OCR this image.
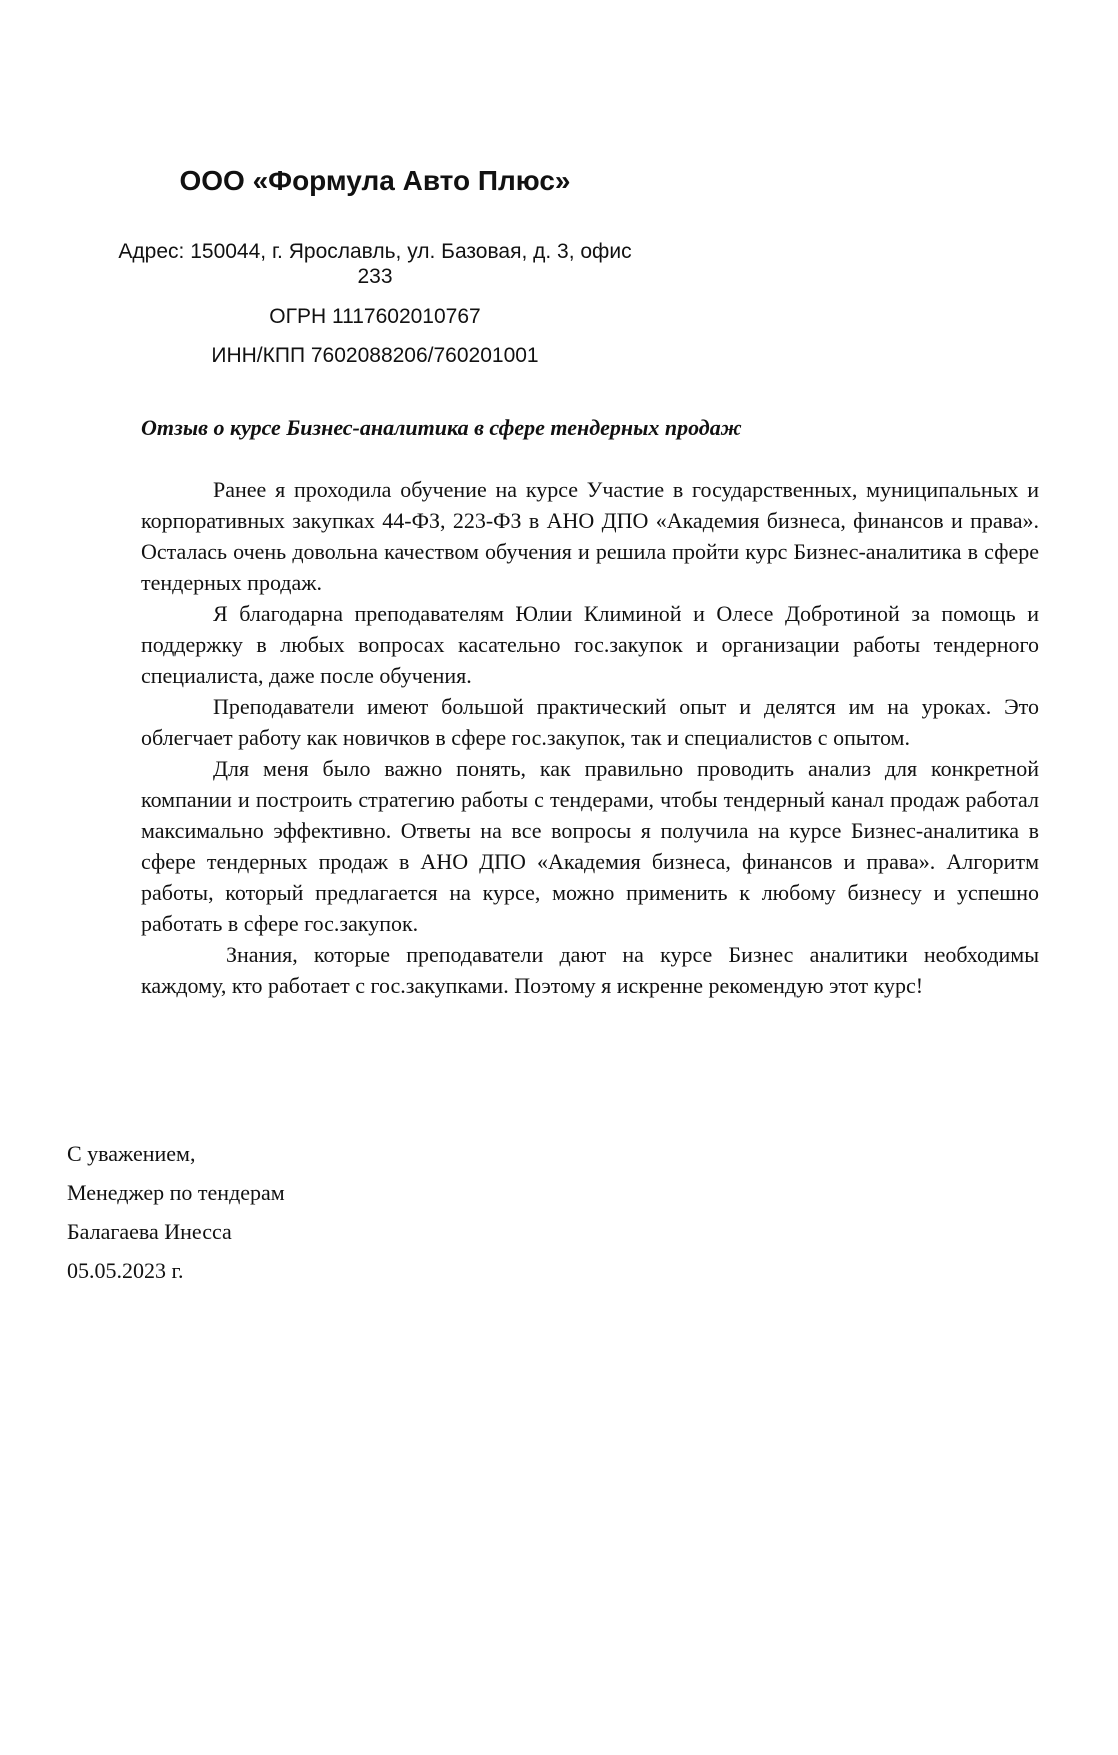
ООО «Формула Авто Плюс»

Адрес: 150044, г. Ярославль, ул. Базовая, д. 3, офис

233

ОГРН 1117602010767

ИНН/КПП 7602088206/760201001

Отзыв о курсе Бизнес-аналитика в сфере тендерных продаж

Ранее я проходила обучение на курсе Участие в государственных, муниципальных и корпоративных закупках 44-ФЗ, 223-ФЗ в АНО ДПО «Академия бизнеса, финансов и права». Осталась очень довольна качеством обучения и решила пройти курс Бизнес-аналитика в сфере тендерных продаж.

Я благодарна преподавателям Юлии Климиной и Олесе Добротиной за помощь и поддержку в любых вопросах касательно гос.закупок и организации работы тендерного специалиста, даже после обучения.

Преподаватели имеют большой практический опыт и делятся им на уроках. Это облегчает работу как новичков в сфере гос.закупок, так и специалистов с опытом.

Для меня было важно понять, как правильно проводить анализ для конкретной компании и построить стратегию работы с тендерами, чтобы тендерный канал продаж работал максимально эффективно. Ответы на все вопросы я получила на курсе Бизнес-аналитика в сфере тендерных продаж в АНО ДПО «Академия бизнеса, финансов и права». Алгоритм работы, который предлагается на курсе, можно применить к любому бизнесу и успешно работать в сфере гос.закупок.

Знания, которые преподаватели дают на курсе Бизнес аналитики необходимы каждому, кто работает с гос.закупками. Поэтому я искренне рекомендую этот курс!

С уважением,
Менеджер по тендерам
Балагаева Инесса
05.05.2023 г.
